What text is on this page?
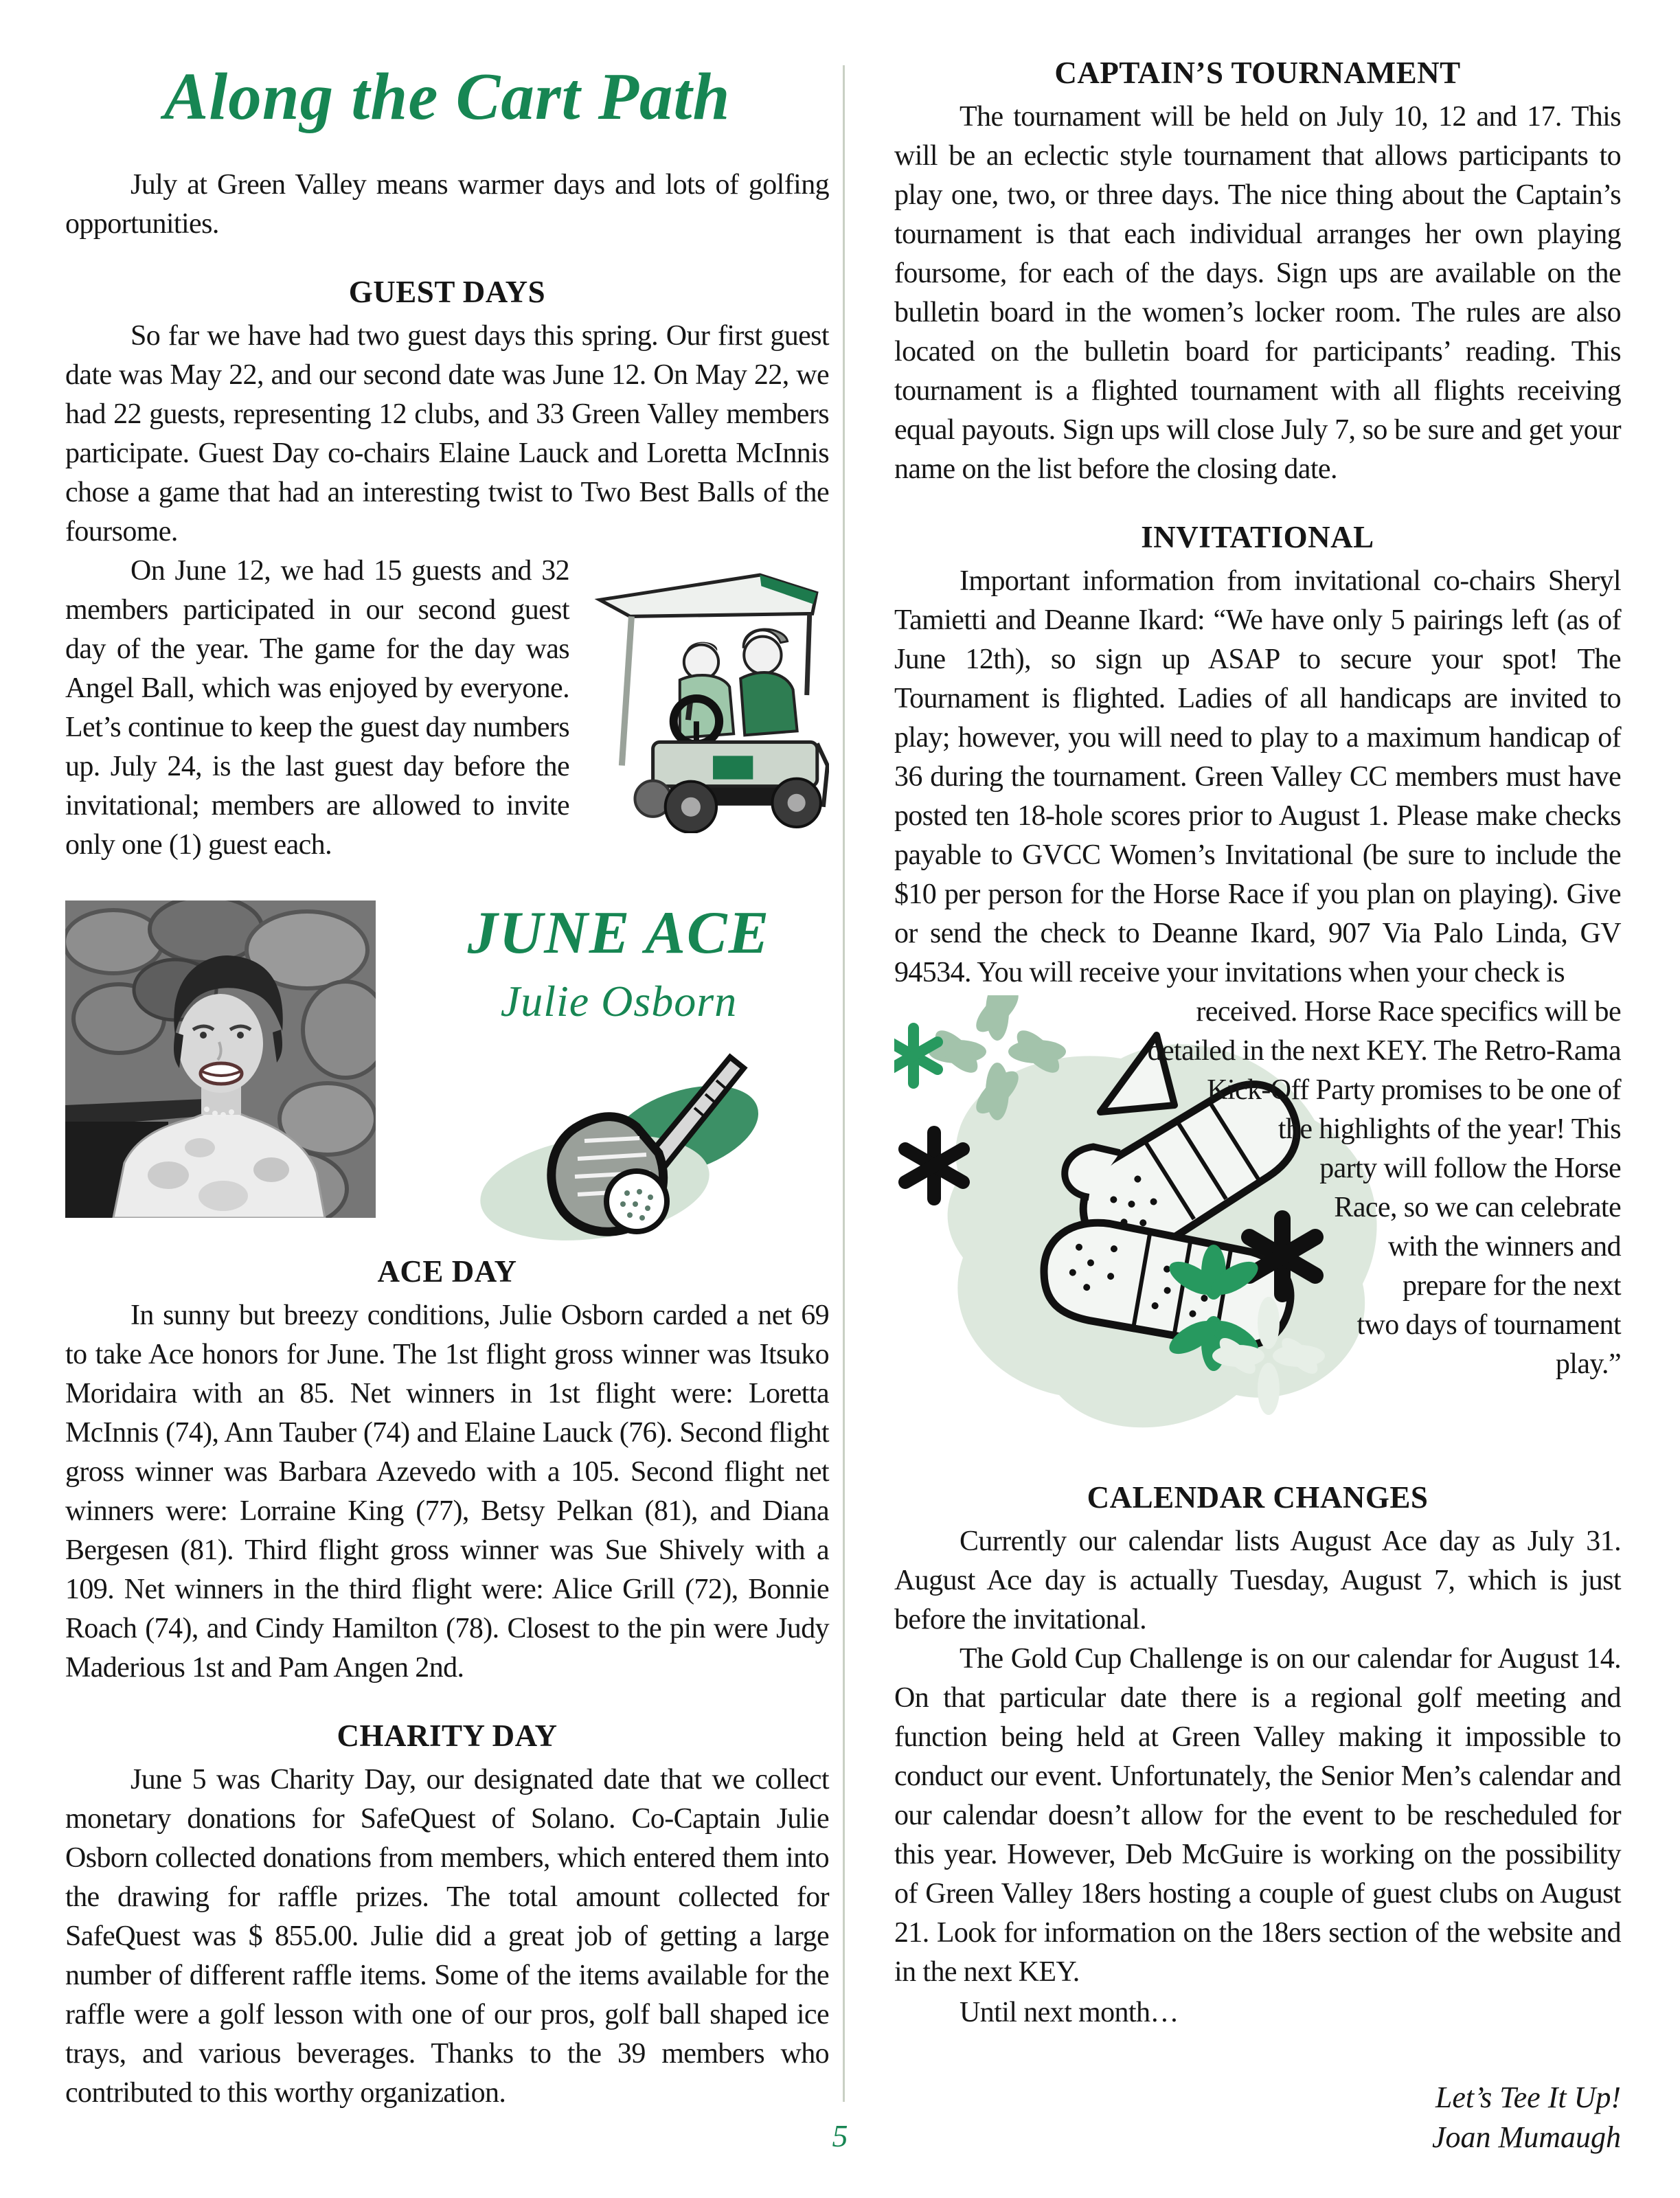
Along the Cart Path

July at Green Valley means warmer days and lots of golfing opportunities.

GUEST DAYS

So far we have had two guest days this spring. Our first guest date was May 22, and our second date was June 12. On May 22, we had 22 guests, representing 12 clubs, and 33 Green Valley members participate. Guest Day co-chairs Elaine Lauck and Loretta McInnis chose a game that had an interesting twist to Two Best Balls of the foursome.

On June 12, we had 15 guests and 32 members participated in our second guest day of the year. The game for the day was Angel Ball, which was enjoyed by everyone. Let’s continue to keep the guest day numbers up. July 24, is the last guest day before the invitational; members are allowed to invite only one (1) guest each.

JUNE ACE
Julie Osborn
ACE DAY

In sunny but breezy conditions, Julie Osborn carded a net 69 to take Ace honors for June. The 1st flight gross winner was Itsuko Moridaira with an 85. Net winners in 1st flight were: Loretta McInnis (74), Ann Tauber (74) and Elaine Lauck (76). Second flight gross winner was Barbara Azevedo with a 105. Second flight net winners were: Lorraine King (77), Betsy Pelkan (81), and Diana Bergesen (81). Third flight gross winner was Sue Shively with a 109. Net winners in the third flight were: Alice Grill (72), Bonnie Roach (74), and Cindy Hamilton (78). Closest to the pin were Judy Maderious 1st and Pam Angen 2nd.

CHARITY DAY

June 5 was Charity Day, our designated date that we collect monetary donations for SafeQuest of Solano. Co-Captain Julie Osborn collected donations from members, which entered them into the drawing for raffle prizes. The total amount collected for SafeQuest was $ 855.00. Julie did a great job of getting a large number of different raffle items. Some of the items available for the raffle were a golf lesson with one of our pros, golf ball shaped ice trays, and various beverages. Thanks to the 39 members who contributed to this worthy organization.

CAPTAIN’S TOURNAMENT

The tournament will be held on July 10, 12 and 17. This will be an eclectic style tournament that allows participants to play one, two, or three days. The nice thing about the Captain’s tournament is that each individual arranges her own playing foursome, for each of the days. Sign ups are available on the bulletin board in the women’s locker room. The rules are also located on the bulletin board for participants’ reading. This tournament is a flighted tournament with all flights receiving equal payouts. Sign ups will close July 7, so be sure and get your name on the list before the closing date.

INVITATIONAL

Important information from invitational co-chairs Sheryl Tamietti and Deanne Ikard: “We have only 5 pairings left (as of June 12th), so sign up ASAP to secure your spot! The Tournament is flighted. Ladies of all handicaps are invited to play; however, you will need to play to a maximum handicap of 36 during the tournament. Green Valley CC members must have posted ten 18-hole scores prior to August 1. Please make checks payable to GVCC Women’s Invitational (be sure to include the $10 per person for the Horse Race if you plan on playing). Give or send the check to Deanne Ikard, 907 Via Palo Linda, GV 94534. You will receive your invitations when your check is

received. Horse Race specifics will be detailed in the next KEY. The Retro-Rama Kick-Off Party promises to be one of the highlights of the year! This party will follow the Horse Race, so we can celebrate with the winners and prepare for the next two days of tournament play.”

CALENDAR CHANGES

Currently our calendar lists August Ace day as July 31. August Ace day is actually Tuesday, August 7, which is just before the invitational.

The Gold Cup Challenge is on our calendar for August 14. On that particular date there is a regional golf meeting and function being held at Green Valley making it impossible to conduct our event. Unfortunately, the Senior Men’s calendar and our calendar doesn’t allow for the event to be rescheduled for this year. However, Deb McGuire is working on the possibility of Green Valley 18ers hosting a couple of guest clubs on August 21. Look for information on the 18ers section of the website and in the next KEY.

Until next month…

Let’s Tee It Up!
Joan Mumaugh
5
